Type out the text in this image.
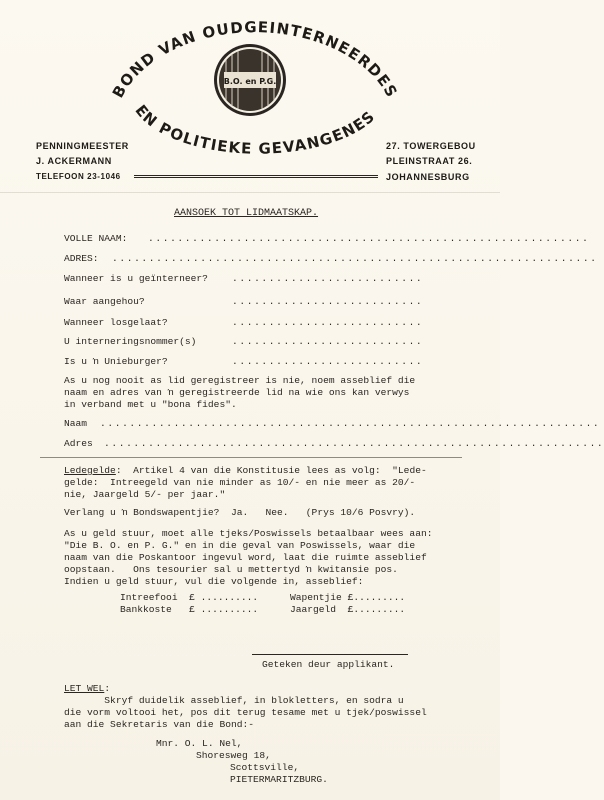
BOND VAN OUDGEINTERNEERDES
EN POLITIEKE GEVANGENES
B.O. en P.G.
PENNINGMEESTER
J. ACKERMANN
TELEFOON 23-1046
27. TOWERGEBOU
PLEINSTRAAT 26.
JOHANNESBURG
AANSOEK TOT LIDMAATSKAP.
VOLLE NAAM: ............................................................
ADRES: ..................................................................
Wanneer is u geïnterneer?	..........................
Waar aangehou?	..........................
Wanneer losgelaat?	..........................
U interneringsnommer(s)	..........................
Is u ŉ Unieburger?	..........................
As u nog nooit as lid geregistreer is nie, noem asseblief die
naam en adres van ŉ geregistreerde lid na wie ons kan verwys
in verband met u "bona fides".
Naam ....................................................................
Adres ....................................................................
Ledegelde:  Artikel 4 van die Konstitusie lees as volg:  "Lede-
gelde:  Intreegeld van nie minder as 10/- en nie meer as 20/-
nie, Jaargeld 5/- per jaar."
Verlang u ŉ Bondswapentjie?  Ja.   Nee.   (Prys 10/6 Posvry).
As u geld stuur, moet alle tjeks/Poswissels betaalbaar wees aan:
"Die B. O. en P. G." en in die geval van Poswissels, waar die
naam van die Poskantoor ingevul word, laat die ruimte asseblief
oopstaan.   Ons tesourier sal u mettertyd ŉ kwitansie pos.
Indien u geld stuur, vul die volgende in, asseblief:
Intreefooi  £ ..........	Wapentjie £.........
Bankkoste   £ ..........	Jaargeld  £.........
Geteken deur applikant.
LET WEL:
Skryf duidelik asseblief, in blokletters, en sodra u
die vorm voltooi het, pos dit terug tesame met u tjek/poswissel
aan die Sekretaris van die Bond:-
Mnr. O. L. Nel,
Shoresweg 18,
Scottsville,
PIETERMARITZBURG.
